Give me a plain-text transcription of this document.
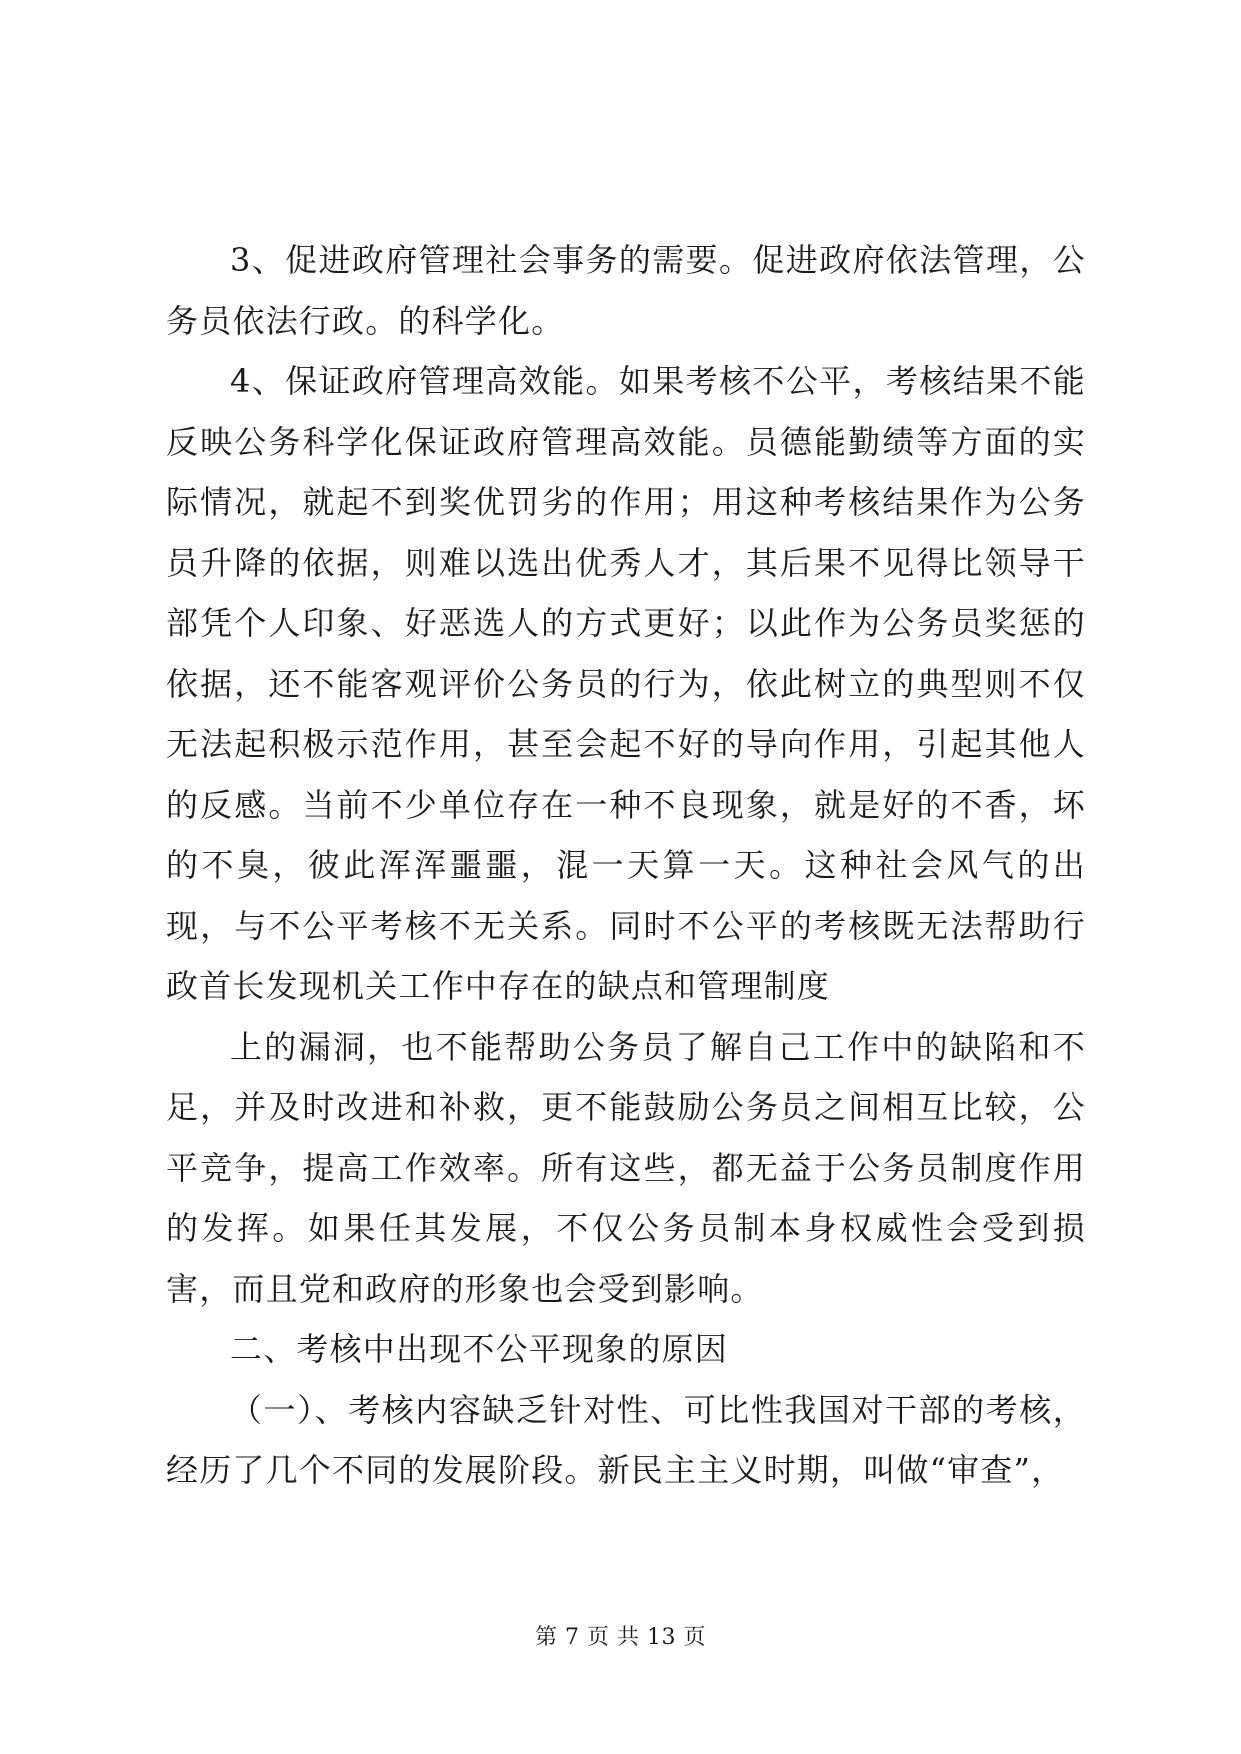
3、促进政府管理社会事务的需要。促进政府依法管理，公务员依法行政。的科学化。

4、保证政府管理高效能。如果考核不公平，考核结果不能反映公务科学化保证政府管理高效能。员德能勤绩等方面的实际情况，就起不到奖优罚劣的作用；用这种考核结果作为公务员升降的依据，则难以选出优秀人才，其后果不见得比领导干部凭个人印象、好恶选人的方式更好；以此作为公务员奖惩的依据，还不能客观评价公务员的行为，依此树立的典型则不仅无法起积极示范作用，甚至会起不好的导向作用，引起其他人的反感。当前不少单位存在一种不良现象，就是好的不香，坏的不臭，彼此浑浑噩噩，混一天算一天。这种社会风气的出现，与不公平考核不无关系。同时不公平的考核既无法帮助行政首长发现机关工作中存在的缺点和管理制度

上的漏洞，也不能帮助公务员了解自己工作中的缺陷和不足，并及时改进和补救，更不能鼓励公务员之间相互比较，公平竞争，提高工作效率。所有这些，都无益于公务员制度作用的发挥。如果任其发展，不仅公务员制本身权威性会受到损害，而且党和政府的形象也会受到影响。

二、考核中出现不公平现象的原因

（一）、考核内容缺乏针对性、可比性我国对干部的考核，经历了几个不同的发展阶段。新民主主义时期，叫做“审查”，

第 7 页 共 13 页
